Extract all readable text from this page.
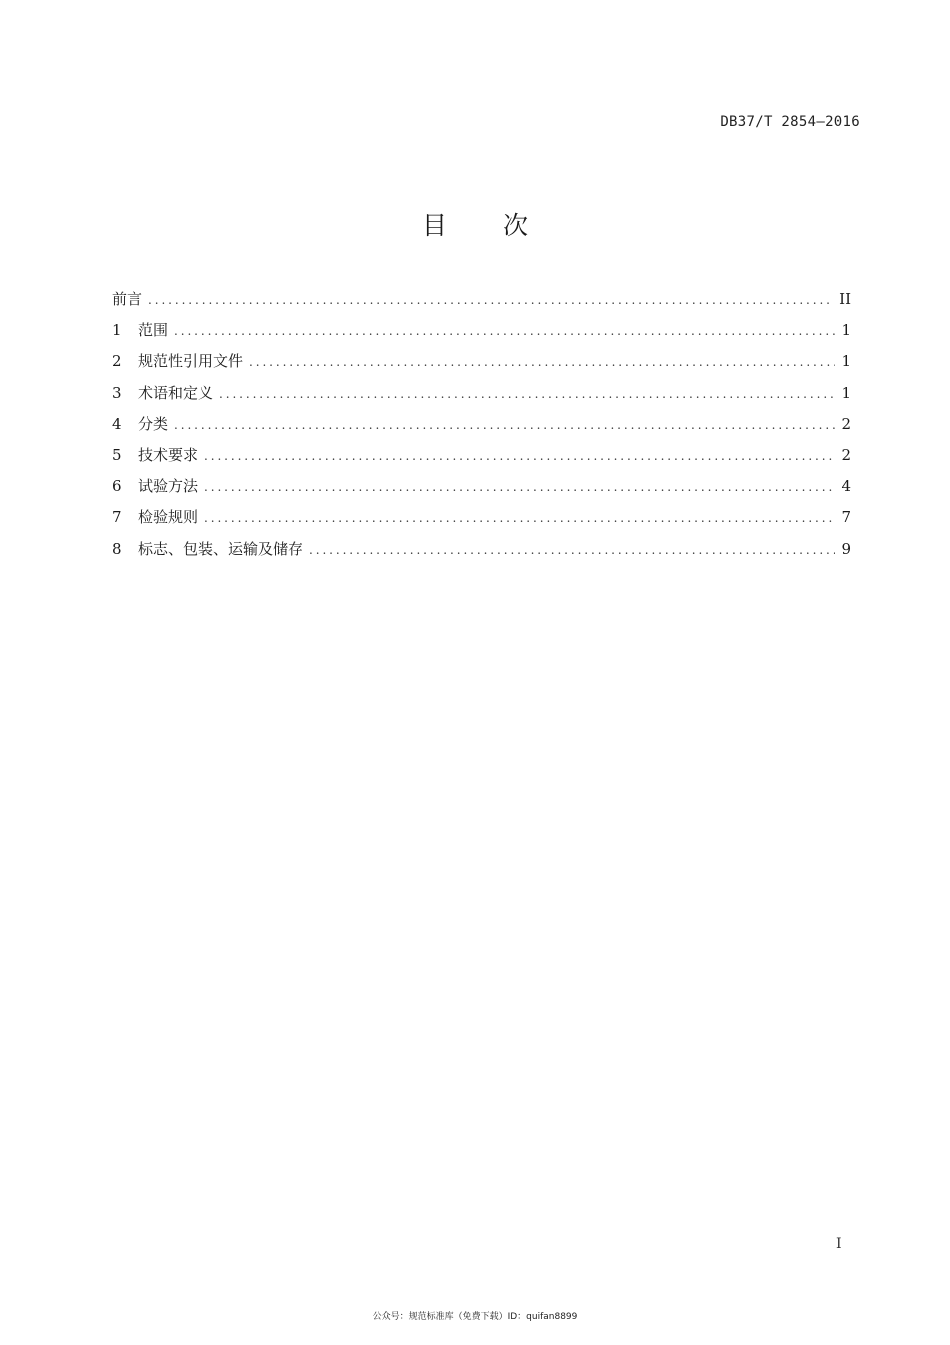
DB37/T 2854—2016
目 次
前言 .....	II
1	范围 .....	1
2	规范性引用文件 .....	1
3	术语和定义 .....	1
4	分类 .....	2
5	技术要求 .....	2
6	试验方法 .....	4
7	检验规则 .....	7
8	标志、包装、运输及储存 .....	9
I
公众号：规范标准库（免费下载）ID：quifan8899
